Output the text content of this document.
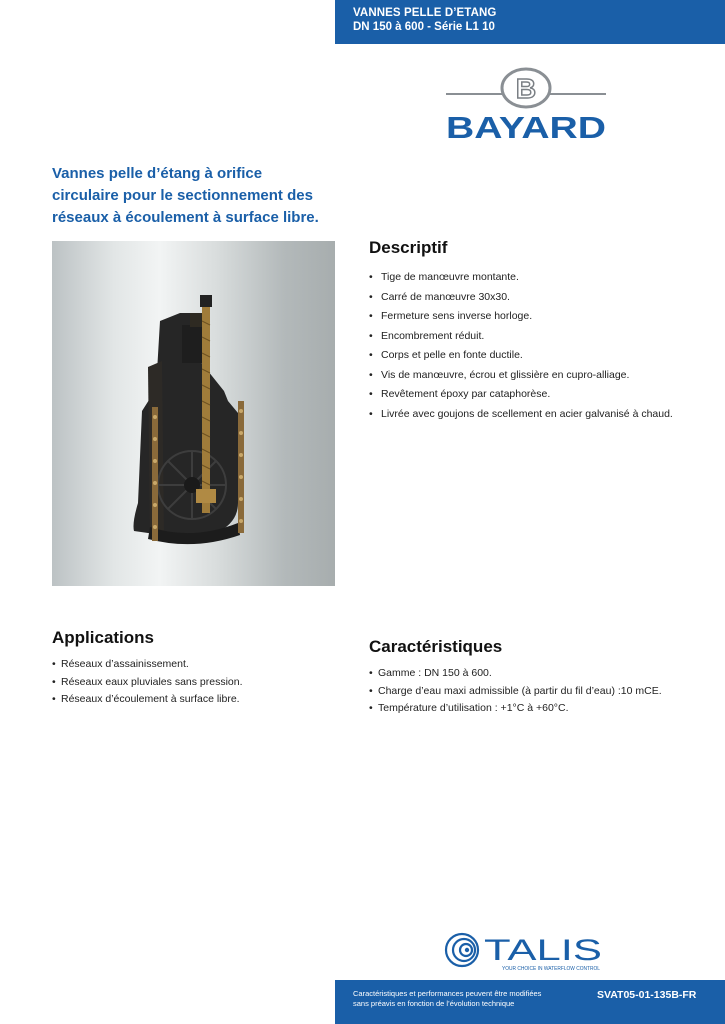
VANNES PELLE D’ETANG
DN 150 à 600 - Série L1 10
B
BAYARD
Vannes pelle d’étang à orifice circulaire pour le sectionnement des réseaux à écoulement à surface libre.
Descriptif
• Tige de manœuvre montante.
• Carré de manœuvre 30x30.
• Fermeture sens inverse horloge.
• Encombrement réduit.
• Corps et pelle en fonte ductile.
• Vis de manœuvre, écrou et glissière en cupro-alliage.
• Revêtement époxy par cataphorèse.
• Livrée avec goujons de scellement en acier galvanisé à chaud.
Applications
• Réseaux d’assainissement.
• Réseaux eaux pluviales sans pression.
• Réseaux d’écoulement à surface libre.
Caractéristiques
• Gamme : DN 150 à 600.
• Charge d’eau maxi admissible (à partir du fil d’eau) :10 mCE.
• Température d’utilisation : +1°C à +60°C.
TALIS
YOUR CHOICE IN WATERFLOW CONTROL
Caractéristiques et performances peuvent être modifiées
sans préavis en fonction de l’évolution technique
SVAT05-01-135B-FR
